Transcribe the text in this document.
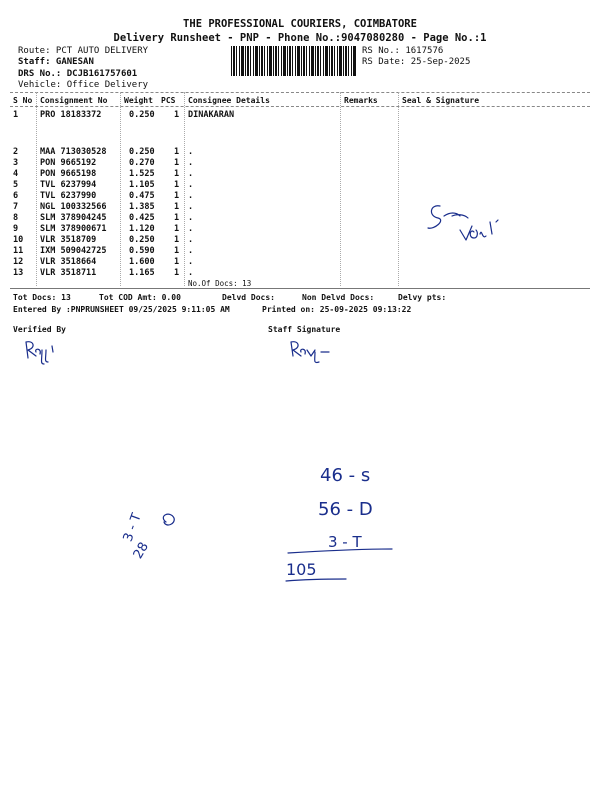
THE PROFESSIONAL COURIERS, COIMBATORE
Delivery Runsheet - PNP - Phone No.:9047080280 - Page No.:1
Route: PCT AUTO DELIVERY
Staff: GANESAN
DRS No.: DCJB161757601
Vehicle: Office Delivery
RS No.: 1617576
RS Date: 25-Sep-2025
S No Consignment No Weight PCS Consignee Details	Remarks	Seal & Signature
1	PRO 18183372	0.250 1 DINAKARAN
2	MAA 713030528	0.250 1 .
3	PON 9665192	0.270 1 .
4	PON 9665198	1.525 1 .
5	TVL 6237994	1.105 1 .
6	TVL 6237990	0.475 1 .
7	NGL 100332566	1.385 1 .
8	SLM 378904245	0.425 1 .
9	SLM 378900671	1.120 1 .
10 VLR 3518709	0.250 1 .
11 IXM 509042725	0.590 1 .
12 VLR 3518664	1.600 1 .
13 VLR 3518711	1.165 1 .
No.Of Docs: 13
Tot Docs: 13	Tot COD Amt: 0.00	Delvd Docs:	Non Delvd Docs:	Delvy pts:
Entered By :PNPRUNSHEET 09/25/2025 9:11:05 AM	Printed on: 25-09-2025 09:13:22
Verified By	Staff Signature
46 - s
56 - D
3 - T
105
3 - T
28
